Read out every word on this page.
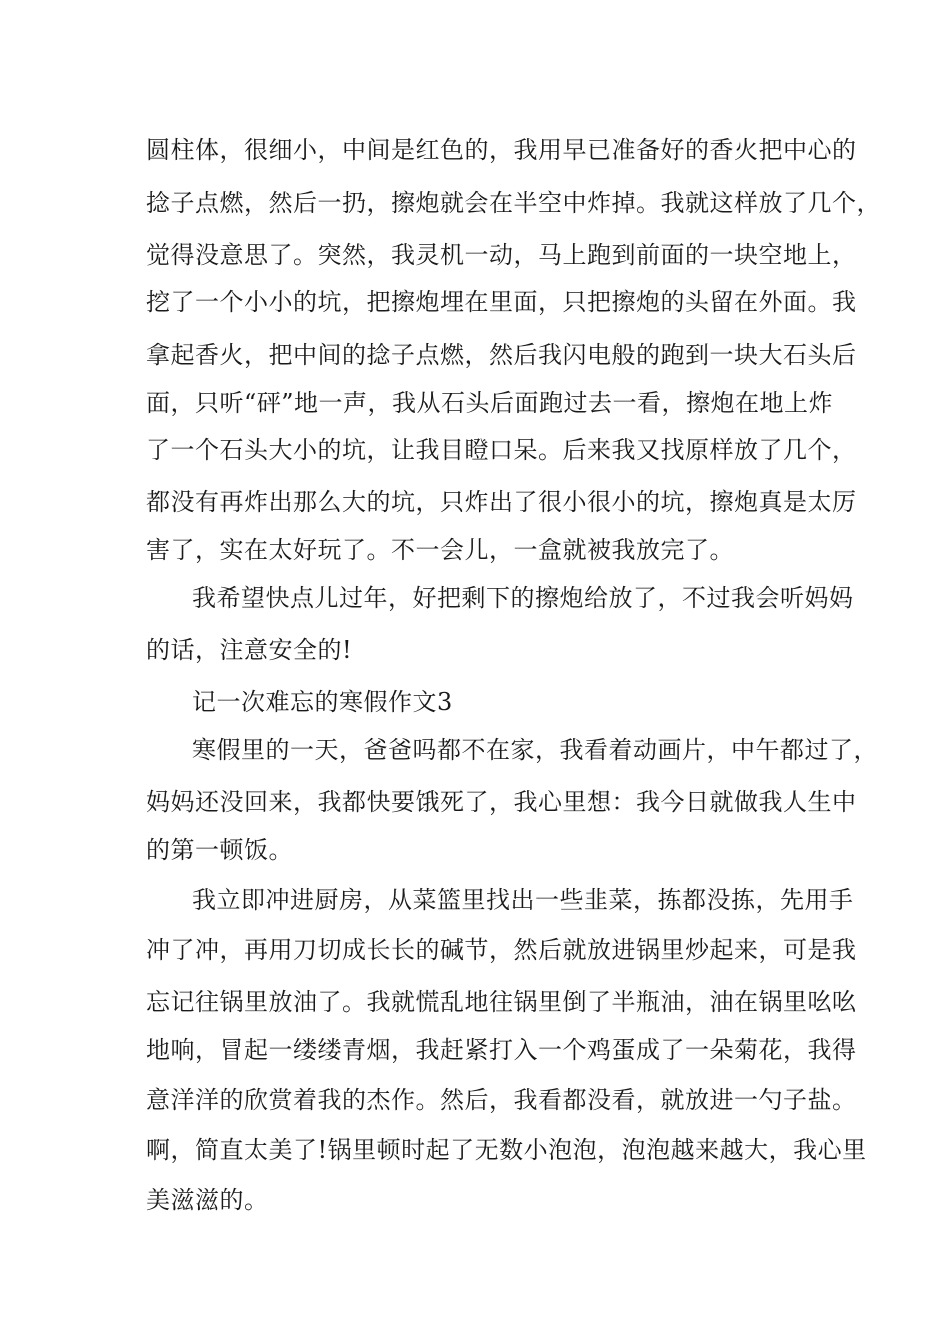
圆柱体，很细小，中间是红色的，我用早已准备好的香火把中心的
捻子点燃，然后一扔，擦炮就会在半空中炸掉。我就这样放了几个，
觉得没意思了。突然，我灵机一动，马上跑到前面的一块空地上，
挖了一个小小的坑，把擦炮埋在里面，只把擦炮的头留在外面。我
拿起香火，把中间的捻子点燃，然后我闪电般的跑到一块大石头后
面，只听“砰”地一声，我从石头后面跑过去一看，擦炮在地上炸
了一个石头大小的坑，让我目瞪口呆。后来我又找原样放了几个，
都没有再炸出那么大的坑，只炸出了很小很小的坑，擦炮真是太厉
害了，实在太好玩了。不一会儿，一盒就被我放完了。
我希望快点儿过年，好把剩下的擦炮给放了，不过我会听妈妈
的话，注意安全的!
记一次难忘的寒假作文3
寒假里的一天，爸爸吗都不在家，我看着动画片，中午都过了，
妈妈还没回来，我都快要饿死了，我心里想：我今日就做我人生中
的第一顿饭。
我立即冲进厨房，从菜篮里找出一些韭菜，拣都没拣，先用手
冲了冲，再用刀切成长长的碱节，然后就放进锅里炒起来，可是我
忘记往锅里放油了。我就慌乱地往锅里倒了半瓶油，油在锅里吆吆
地响，冒起一缕缕青烟，我赶紧打入一个鸡蛋成了一朵菊花，我得
意洋洋的欣赏着我的杰作。然后，我看都没看，就放进一勺子盐。
啊，简直太美了!锅里顿时起了无数小泡泡，泡泡越来越大，我心里
美滋滋的。
